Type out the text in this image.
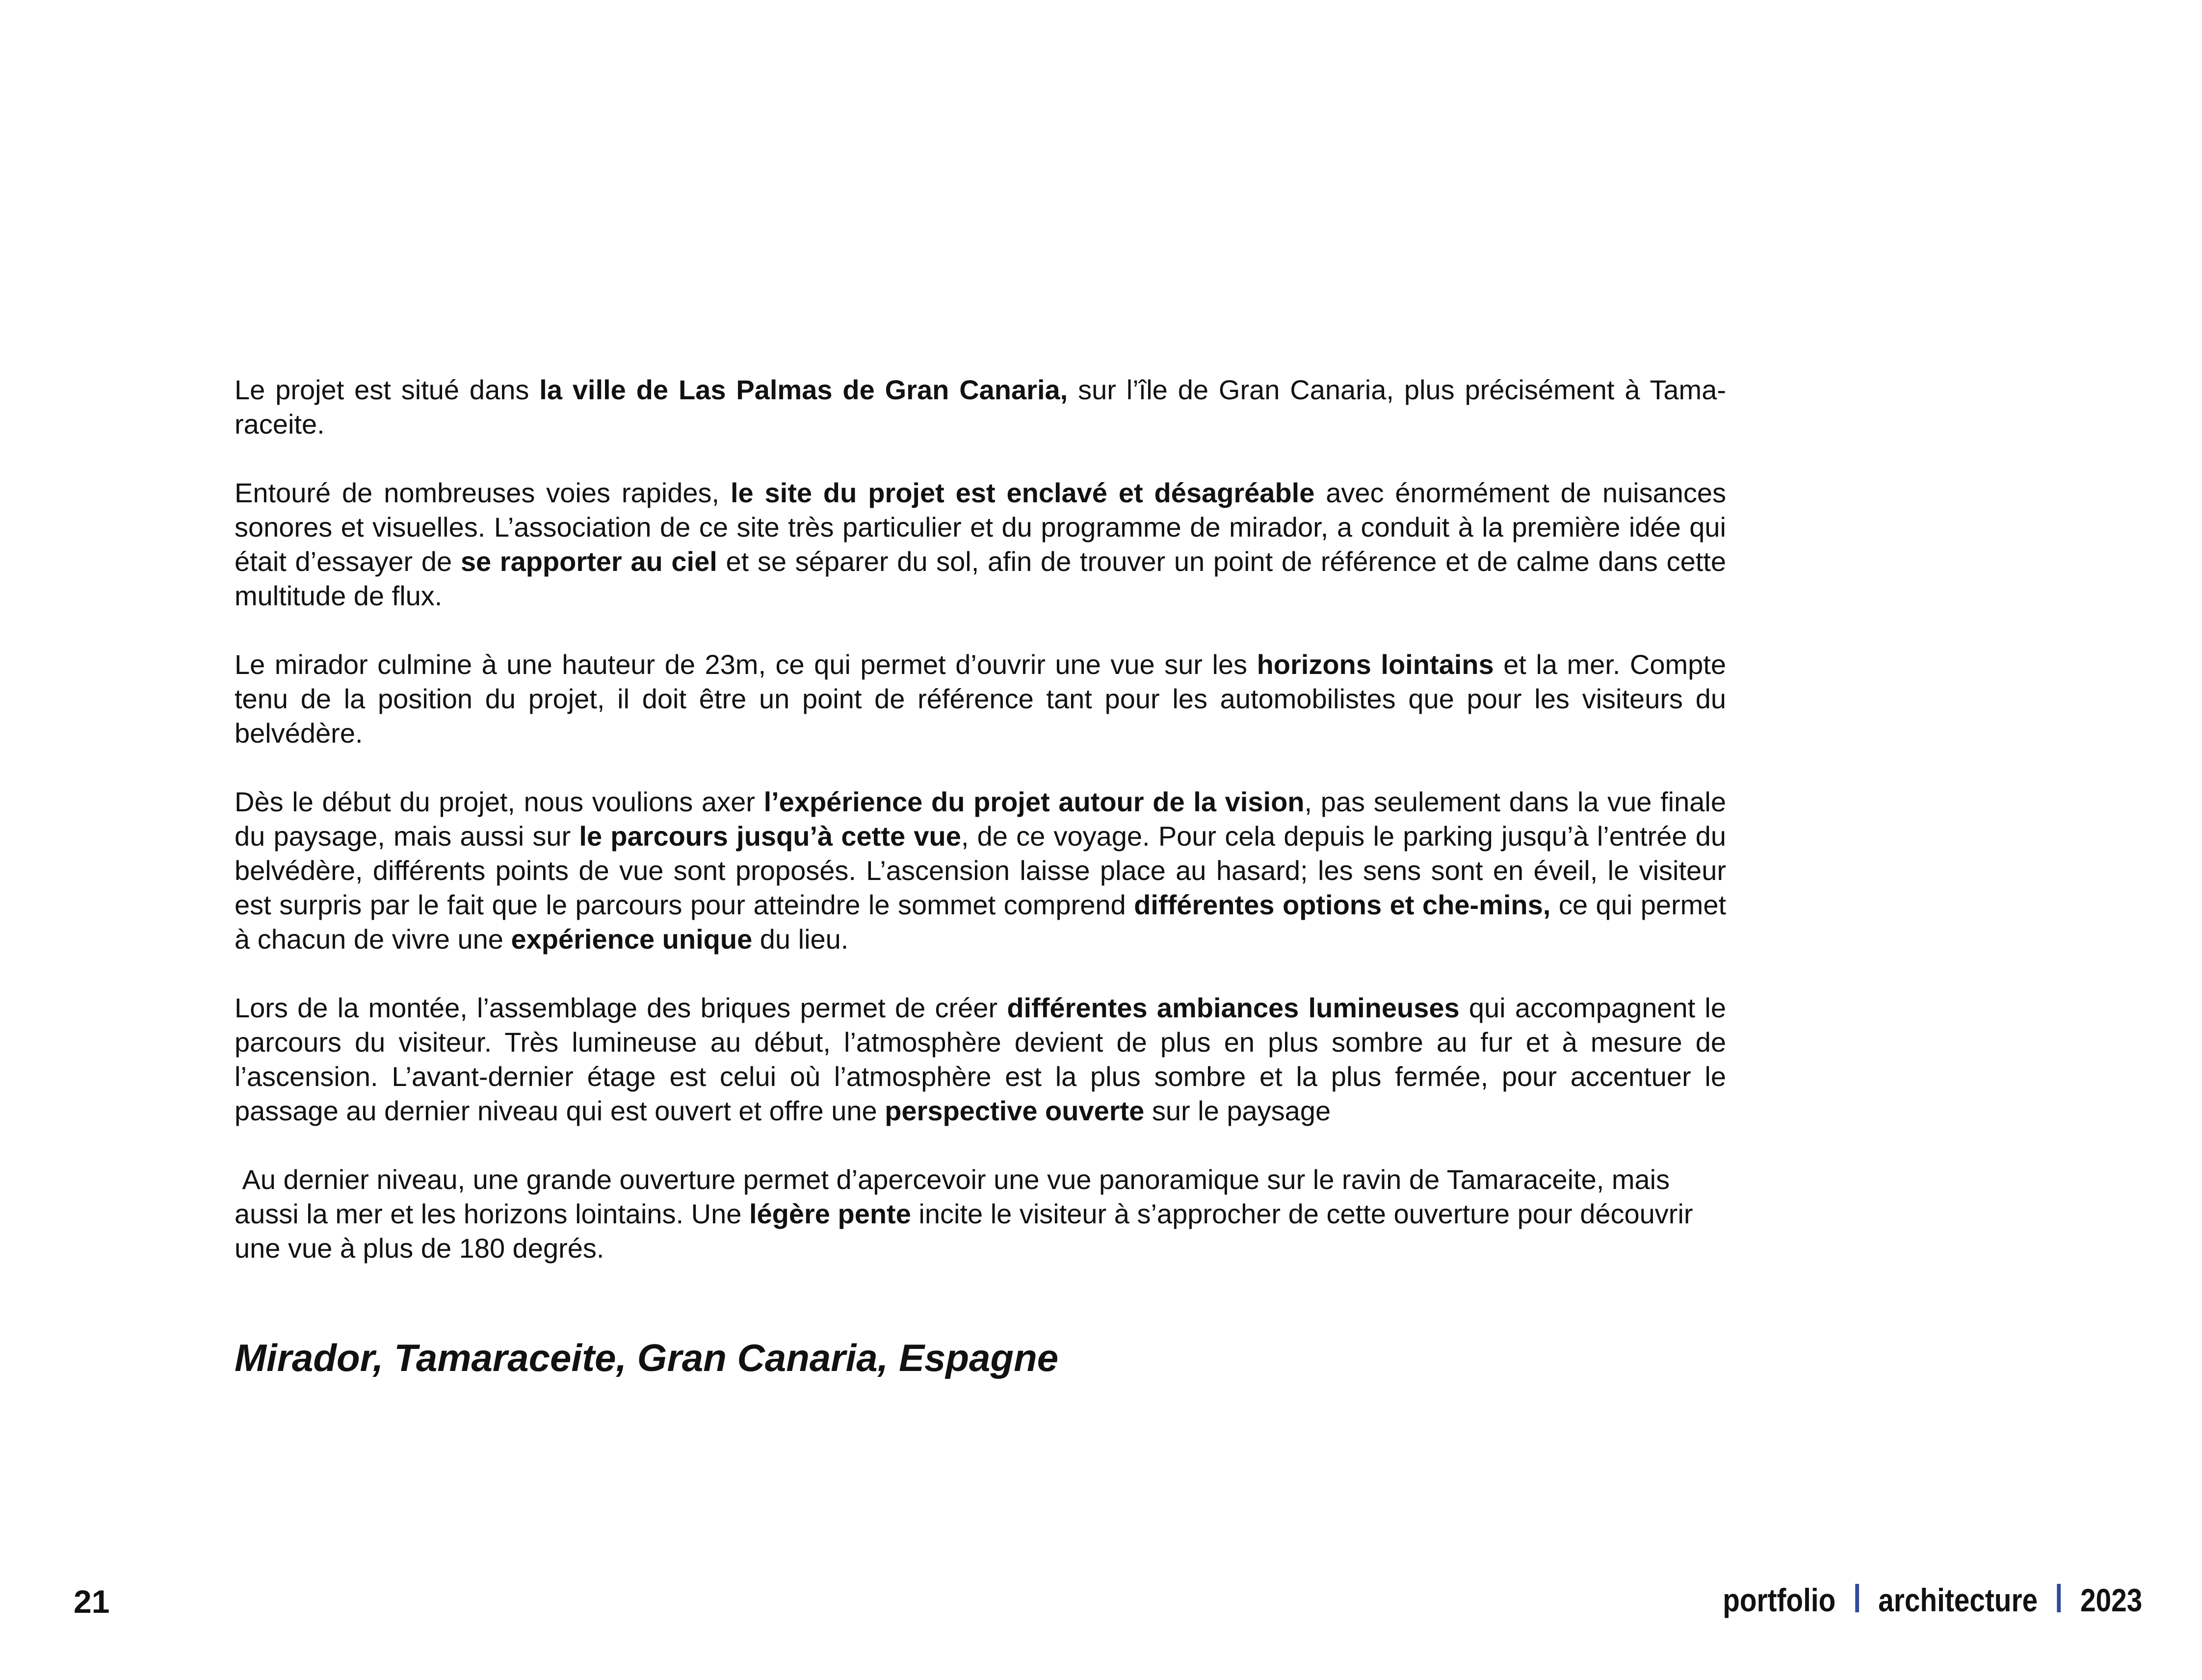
Le projet est situé dans la ville de Las Palmas de Gran Canaria, sur l’île de Gran Canaria, plus précisément à Tama-​raceite.

Entouré de nombreuses voies rapides, le site du projet est enclavé et désagréable avec énormément de nuisances sonores et visuelles. L’association de ce site très particulier et du programme de mirador, a conduit à la première idée qui était d’essayer de se rapporter au ciel et se séparer du sol, afin de trouver un point de référence et de calme dans cette multitude de flux.

Le mirador culmine à une hauteur de 23m, ce qui permet d’ouvrir une vue sur les horizons lointains et la mer. Compte tenu de la position du projet, il doit être un point de référence tant pour les automobilistes que pour les visiteurs du belvédère.

Dès le début du projet, nous voulions axer l’expérience du projet autour de la vision, pas seulement dans la vue finale du paysage, mais aussi sur le parcours jusqu’à cette vue, de ce voyage. Pour cela depuis le parking jusqu’à l’entrée du belvédère, différents points de vue sont proposés. L’ascension laisse place au hasard; les sens sont en éveil, le visiteur est surpris par le fait que le parcours pour atteindre le sommet comprend différentes options et che-​mins, ce qui permet à chacun de vivre une expérience unique du lieu.

Lors de la montée, l’assemblage des briques permet de créer différentes ambiances lumineuses qui accompagnent le parcours du visiteur. Très lumineuse au début, l’atmosphère devient de plus en plus sombre au fur et à mesure de l’ascension. L’avant-dernier étage est celui où l’atmosphère est la plus sombre et la plus fermée, pour accentuer le passage au dernier niveau qui est ouvert et offre une perspective ouverte sur le paysage

Au dernier niveau, une grande ouverture permet d’apercevoir une vue panoramique sur le ravin de Tamaraceite, mais aussi la mer et les horizons lointains. Une légère pente incite le visiteur à s’approcher de cette ouverture pour découvrir une vue à plus de 180 degrés.

Mirador, Tamaraceite, Gran Canaria, Espagne
21	portfolio architecture 2023
